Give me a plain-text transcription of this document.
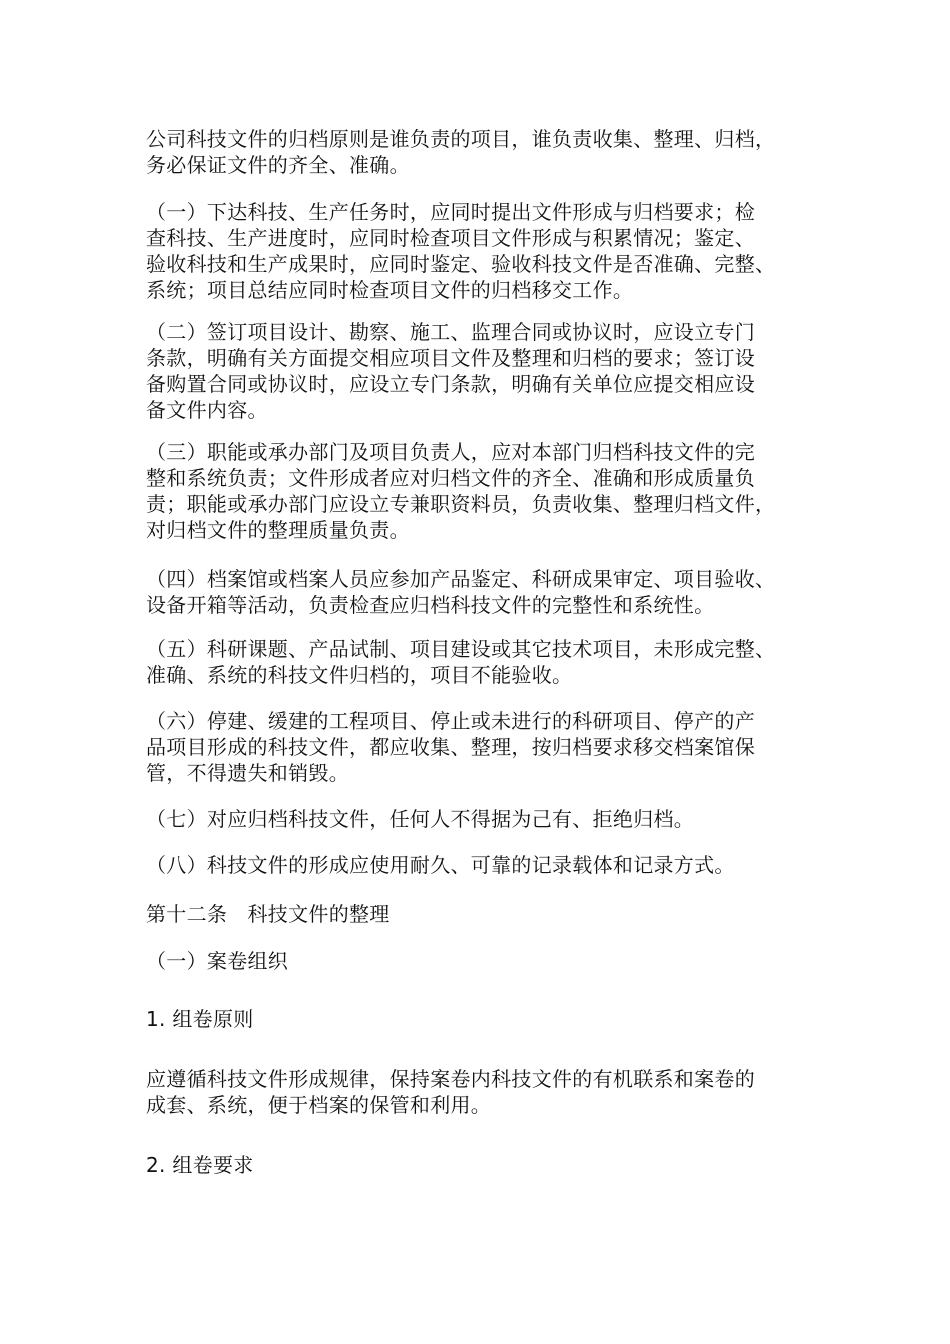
公司科技文件的归档原则是谁负责的项目，谁负责收集、整理、归档，
务必保证文件的齐全、准确。

（一）下达科技、生产任务时，应同时提出文件形成与归档要求；检
查科技、生产进度时，应同时检查项目文件形成与积累情况；鉴定、
验收科技和生产成果时，应同时鉴定、验收科技文件是否准确、完整、
系统；项目总结应同时检查项目文件的归档移交工作。

（二）签订项目设计、勘察、施工、监理合同或协议时，应设立专门
条款，明确有关方面提交相应项目文件及整理和归档的要求；签订设
备购置合同或协议时，应设立专门条款，明确有关单位应提交相应设
备文件内容。

（三）职能或承办部门及项目负责人，应对本部门归档科技文件的完
整和系统负责；文件形成者应对归档文件的齐全、准确和形成质量负
责；职能或承办部门应设立专兼职资料员，负责收集、整理归档文件，
对归档文件的整理质量负责。

（四）档案馆或档案人员应参加产品鉴定、科研成果审定、项目验收、
设备开箱等活动，负责检查应归档科技文件的完整性和系统性。

（五）科研课题、产品试制、项目建设或其它技术项目，未形成完整、
准确、系统的科技文件归档的，项目不能验收。

（六）停建、缓建的工程项目、停止或未进行的科研项目、停产的产
品项目形成的科技文件，都应收集、整理，按归档要求移交档案馆保
管，不得遗失和销毁。

（七）对应归档科技文件，任何人不得据为己有、拒绝归档。

（八）科技文件的形成应使用耐久、可靠的记录载体和记录方式。

第十二条　科技文件的整理

（一）案卷组织

1. 组卷原则

应遵循科技文件形成规律，保持案卷内科技文件的有机联系和案卷的
成套、系统，便于档案的保管和利用。

2. 组卷要求
